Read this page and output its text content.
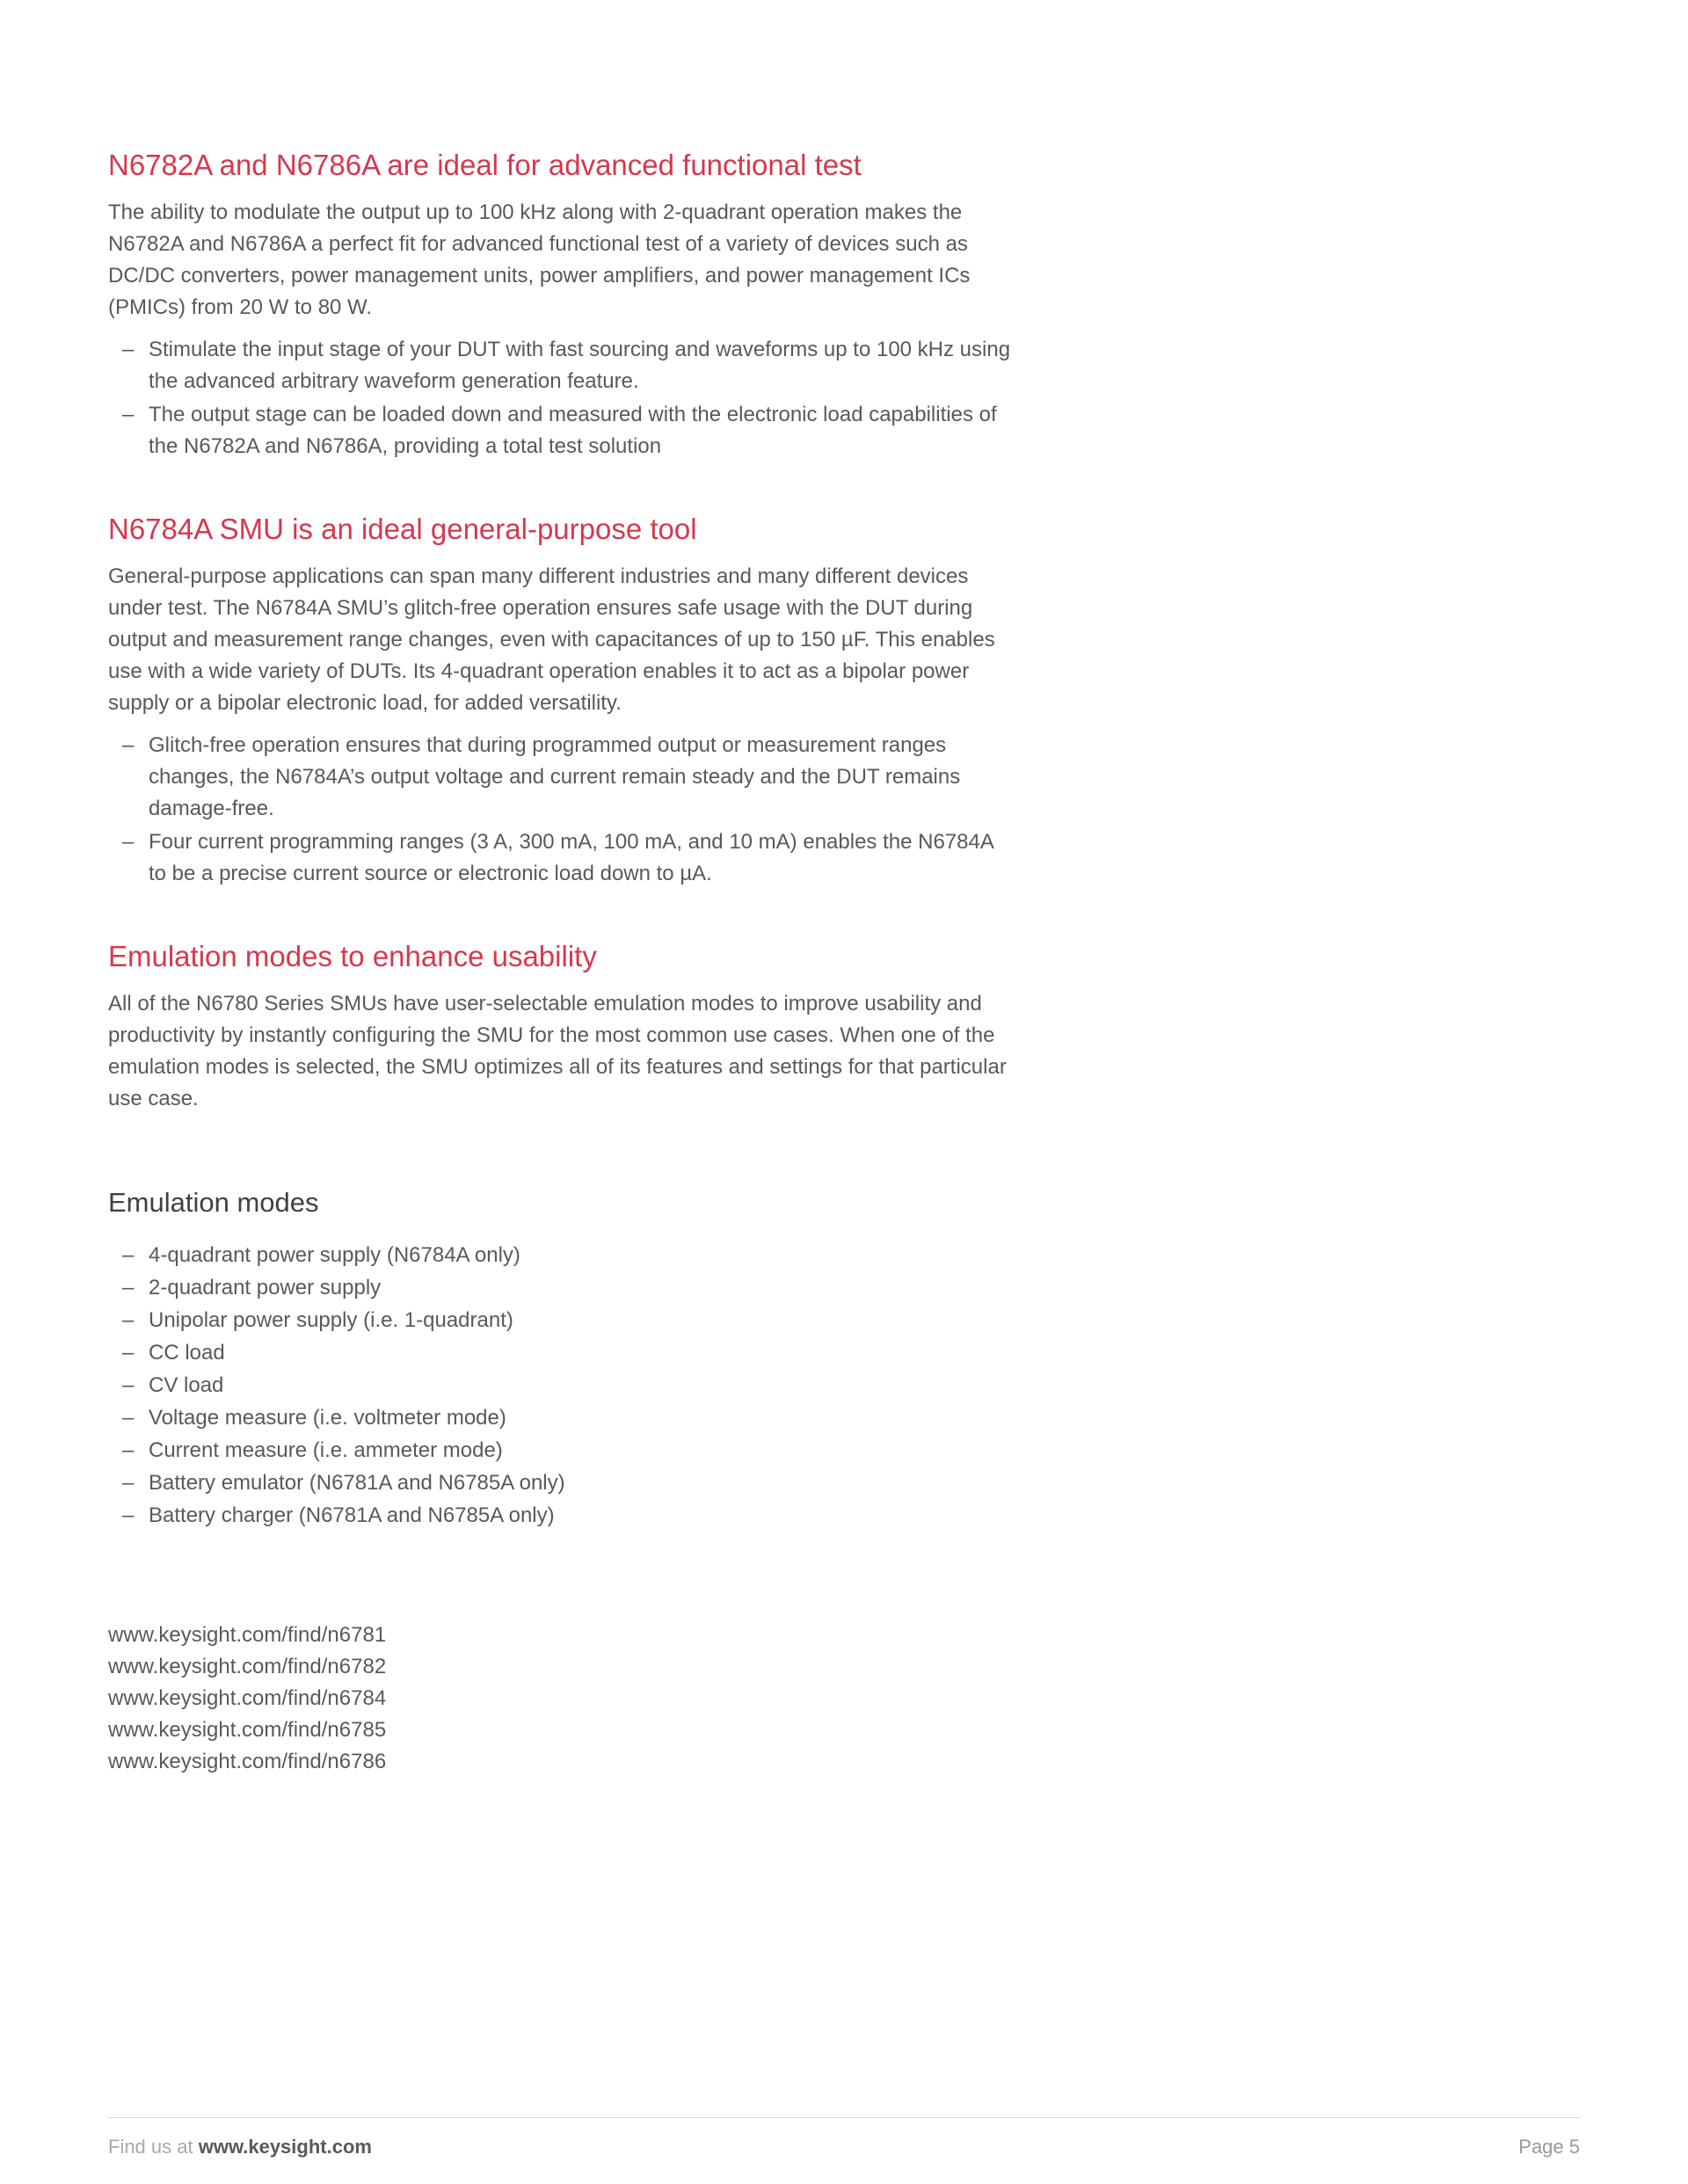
N6782A and N6786A are ideal for advanced functional test

The ability to modulate the output up to 100 kHz along with 2-quadrant operation makes the N6782A and N6786A a perfect fit for advanced functional test of a variety of devices such as DC/DC converters, power management units, power amplifiers, and power management ICs (PMICs) from 20 W to 80 W.

– Stimulate the input stage of your DUT with fast sourcing and waveforms up to 100 kHz using the advanced arbitrary waveform generation feature.
– The output stage can be loaded down and measured with the electronic load capabilities of the N6782A and N6786A, providing a total test solution
N6784A SMU is an ideal general-purpose tool

General-purpose applications can span many different industries and many different devices under test. The N6784A SMU’s glitch-free operation ensures safe usage with the DUT during output and measurement range changes, even with capacitances of up to 150 µF. This enables use with a wide variety of DUTs. Its 4-quadrant operation enables it to act as a bipolar power supply or a bipolar electronic load, for added versatility.

– Glitch-free operation ensures that during programmed output or measurement ranges changes, the N6784A’s output voltage and current remain steady and the DUT remains damage-free.
– Four current programming ranges (3 A, 300 mA, 100 mA, and 10 mA) enables the N6784A to be a precise current source or electronic load down to µA.
Emulation modes to enhance usability

All of the N6780 Series SMUs have user-selectable emulation modes to improve usability and productivity by instantly configuring the SMU for the most common use cases. When one of the emulation modes is selected, the SMU optimizes all of its features and settings for that particular use case.

Emulation modes
– 4-quadrant power supply (N6784A only)
– 2-quadrant power supply
– Unipolar power supply (i.e. 1-quadrant)
– CC load
– CV load
– Voltage measure (i.e. voltmeter mode)
– Current measure (i.e. ammeter mode)
– Battery emulator (N6781A and N6785A only)
– Battery charger (N6781A and N6785A only)
www.keysight.com/find/n6781
www.keysight.com/find/n6782
www.keysight.com/find/n6784
www.keysight.com/find/n6785
www.keysight.com/find/n6786
Find us at www.keysight.com	Page 5
